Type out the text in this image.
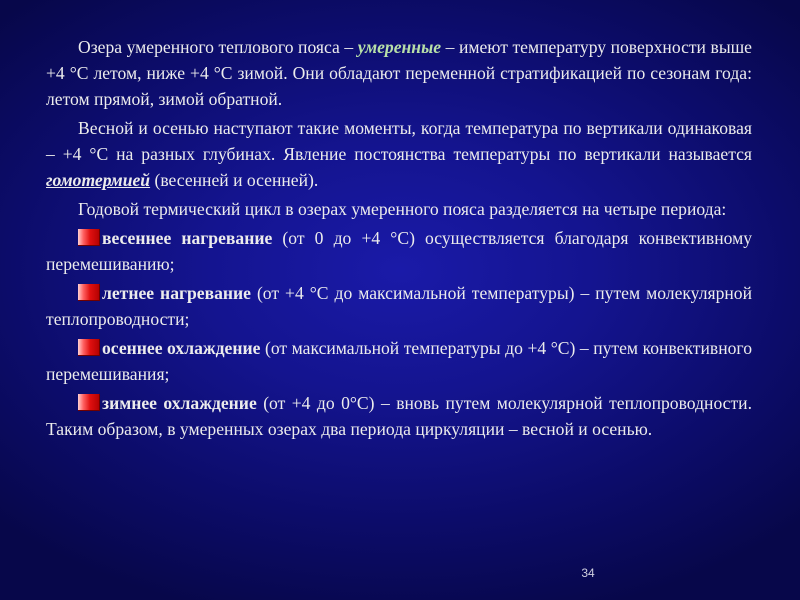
Озера умеренного теплового пояса – умеренные – имеют температуру поверхности выше +4 °С летом, ниже +4 °С зимой. Они обладают переменной стратификацией по сезонам года: летом прямой, зимой обратной.

Весной и осенью наступают такие моменты, когда температура по вертикали одинаковая – +4 °С на разных глубинах. Явление постоянства температуры по вертикали называется гомотермией (весенней и осенней).

Годовой термический цикл в озерах умеренного пояса разделяется на четыре периода:

весеннее нагревание (от 0 до +4 °С) осуществляется благодаря конвективному перемешиванию;

летнее нагревание (от +4 °С до максимальной температуры) – путем молекулярной теплопроводности;

осеннее охлаждение (от максимальной температуры до +4 °С) – путем конвективного перемешивания;

зимнее охлаждение (от +4 до 0°С) – вновь путем молекулярной теплопроводности. Таким образом, в умеренных озерах два периода циркуляции – весной и осенью.

34
